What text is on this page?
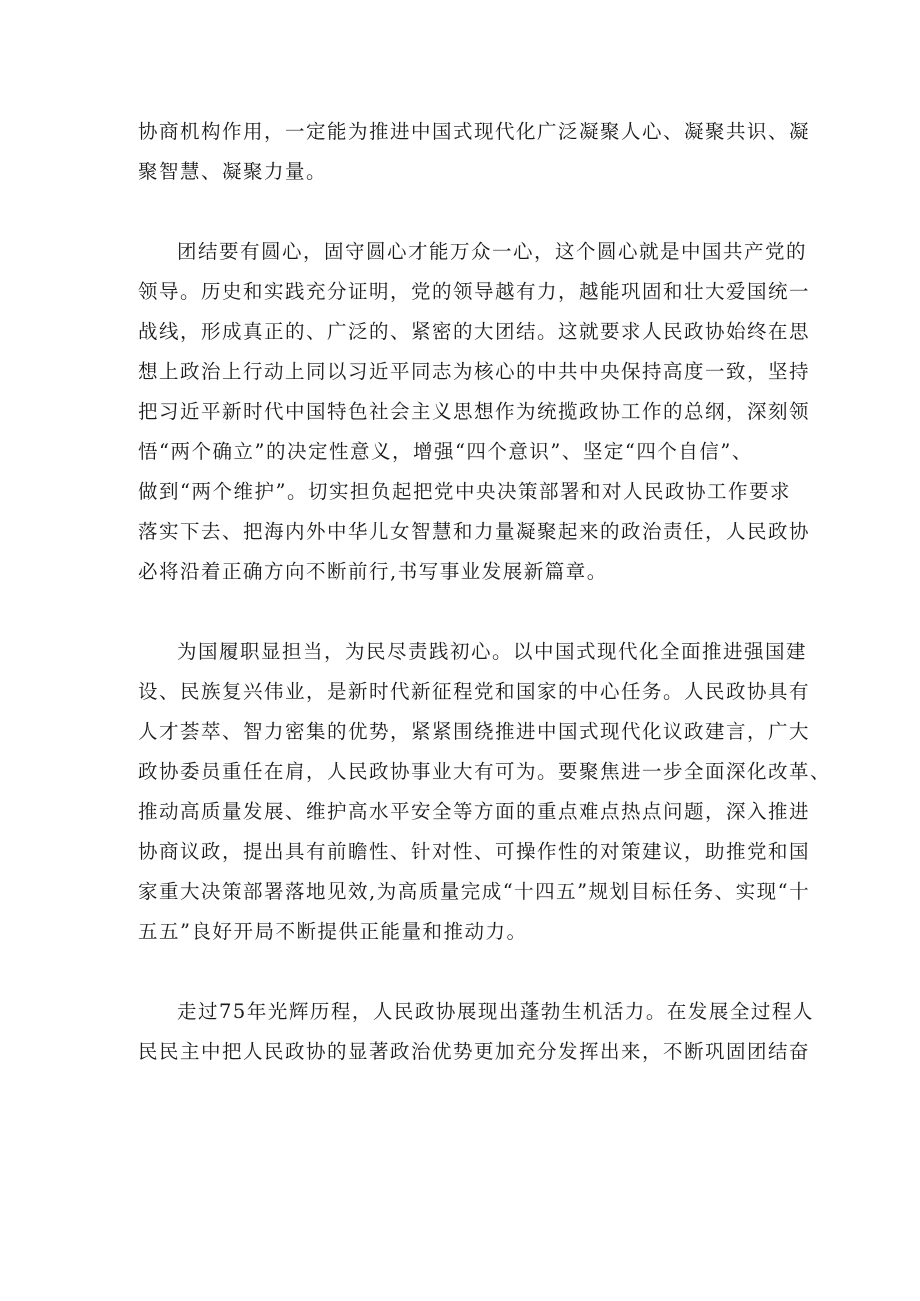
协商机构作用，一定能为推进中国式现代化广泛凝聚人心、凝聚共识、凝
聚智慧、凝聚力量。

团结要有圆心，固守圆心才能万众一心，这个圆心就是中国共产党的
领导。历史和实践充分证明，党的领导越有力，越能巩固和壮大爱国统一
战线，形成真正的、广泛的、紧密的大团结。这就要求人民政协始终在思
想上政治上行动上同以习近平同志为核心的中共中央保持高度一致，坚持
把习近平新时代中国特色社会主义思想作为统揽政协工作的总纲，深刻领
悟“两个确立”的决定性意义，增强“四个意识”、坚定“四个自信”、
做到“两个维护”。切实担负起把党中央决策部署和对人民政协工作要求
落实下去、把海内外中华儿女智慧和力量凝聚起来的政治责任，人民政协
必将沿着正确方向不断前行,书写事业发展新篇章。

为国履职显担当，为民尽责践初心。以中国式现代化全面推进强国建
设、民族复兴伟业，是新时代新征程党和国家的中心任务。人民政协具有
人才荟萃、智力密集的优势，紧紧围绕推进中国式现代化议政建言，广大
政协委员重任在肩，人民政协事业大有可为。要聚焦进一步全面深化改革、
推动高质量发展、维护高水平安全等方面的重点难点热点问题，深入推进
协商议政，提出具有前瞻性、针对性、可操作性的对策建议，助推党和国
家重大决策部署落地见效,为高质量完成“十四五”规划目标任务、实现“十
五五”良好开局不断提供正能量和推动力。

走过75年光辉历程，人民政协展现出蓬勃生机活力。在发展全过程人
民民主中把人民政协的显著政治优势更加充分发挥出来，不断巩固团结奋
